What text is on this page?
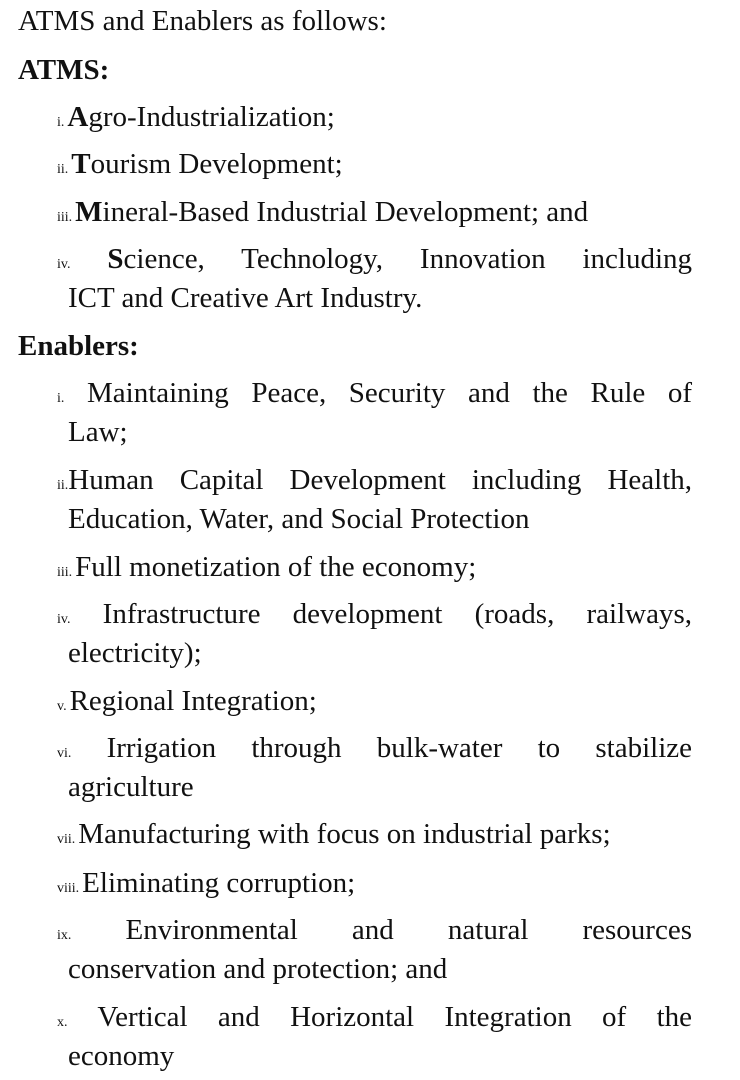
ATMS and Enablers as follows:
ATMS:
i. Agro-Industrialization;
ii. Tourism Development;
iii. Mineral-Based Industrial Development; and
iv. Science, Technology, Innovation including
ICT and Creative Art Industry.
Enablers:
i. Maintaining Peace, Security and the Rule of
Law;
ii.Human Capital Development including Health,
Education, Water, and Social Protection
iii. Full monetization of the economy;
iv. Infrastructure development (roads, railways,
electricity);
v. Regional Integration;
vi. Irrigation through bulk-water to stabilize
agriculture
vii. Manufacturing with focus on industrial parks;
viii. Eliminating corruption;
ix. Environmental and natural resources
conservation and protection; and
x. Vertical and Horizontal Integration of the
economy
